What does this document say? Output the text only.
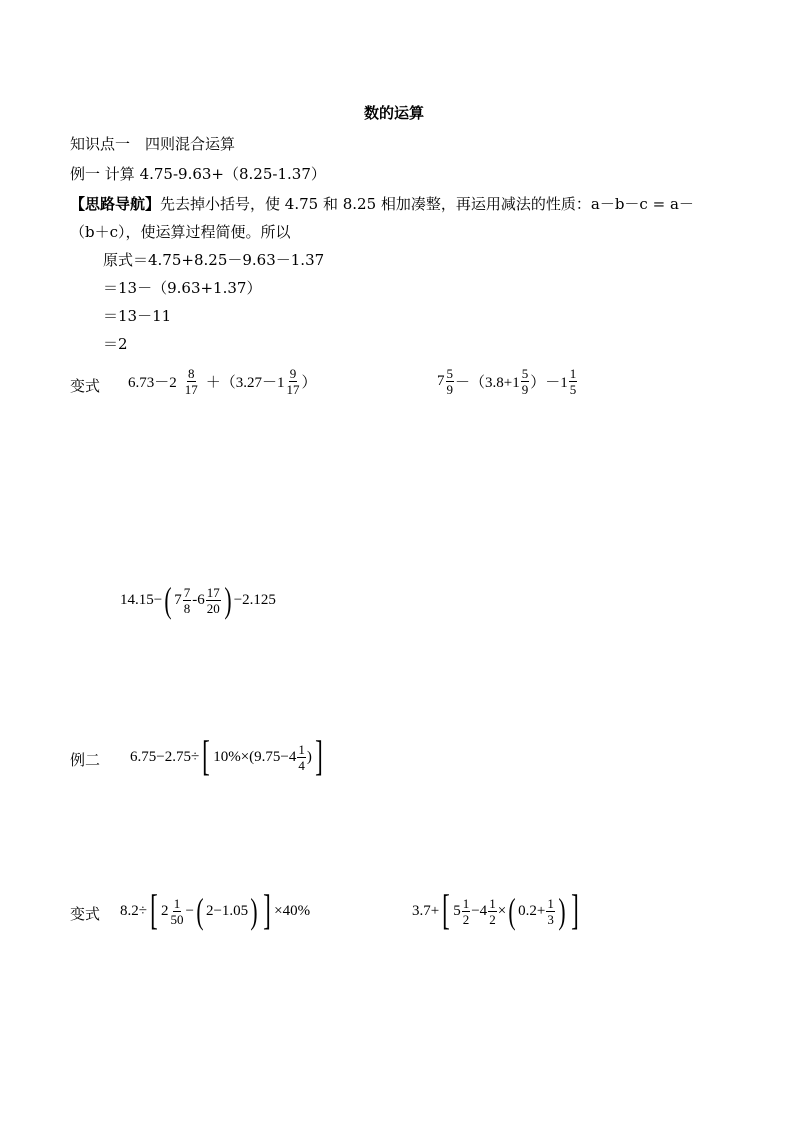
数的运算
知识点一　四则混合运算
例一 计算 4.75-9.63+（8.25-1.37）
【思路导航】先去掉小括号，使 4.75 和 8.25 相加凑整，再运用减法的性质：a－b－c = a－
（b＋c），使运算过程简便。所以
原式＝4.75+8.25－9.63－1.37
＝13－（9.63+1.37）
＝13－11
＝2
变式 $6.73-2 \frac{8}{17} +(3.27-1 \frac{9}{17}$ ）	$7 \frac{5}{9} -(3.8+1 \frac{5}{9} )-1 \frac{1}{5}$
14.15− ( $7 \frac{7}{8} -6 \frac{17}{20}$ ) −2.125
例二 6.75−2.75÷ [ $10\%\times(9.75-4 \frac{1}{4}$ ) ]
变式 8.2÷ [ $2 \frac{1}{50}$ − ( 2−1.05 ) ] ×40%	3.7+ [ $5 \frac{1}{2} -4 \frac{1}{2}$ × ( $0.2+ \frac{1}{3}$ ) ]
